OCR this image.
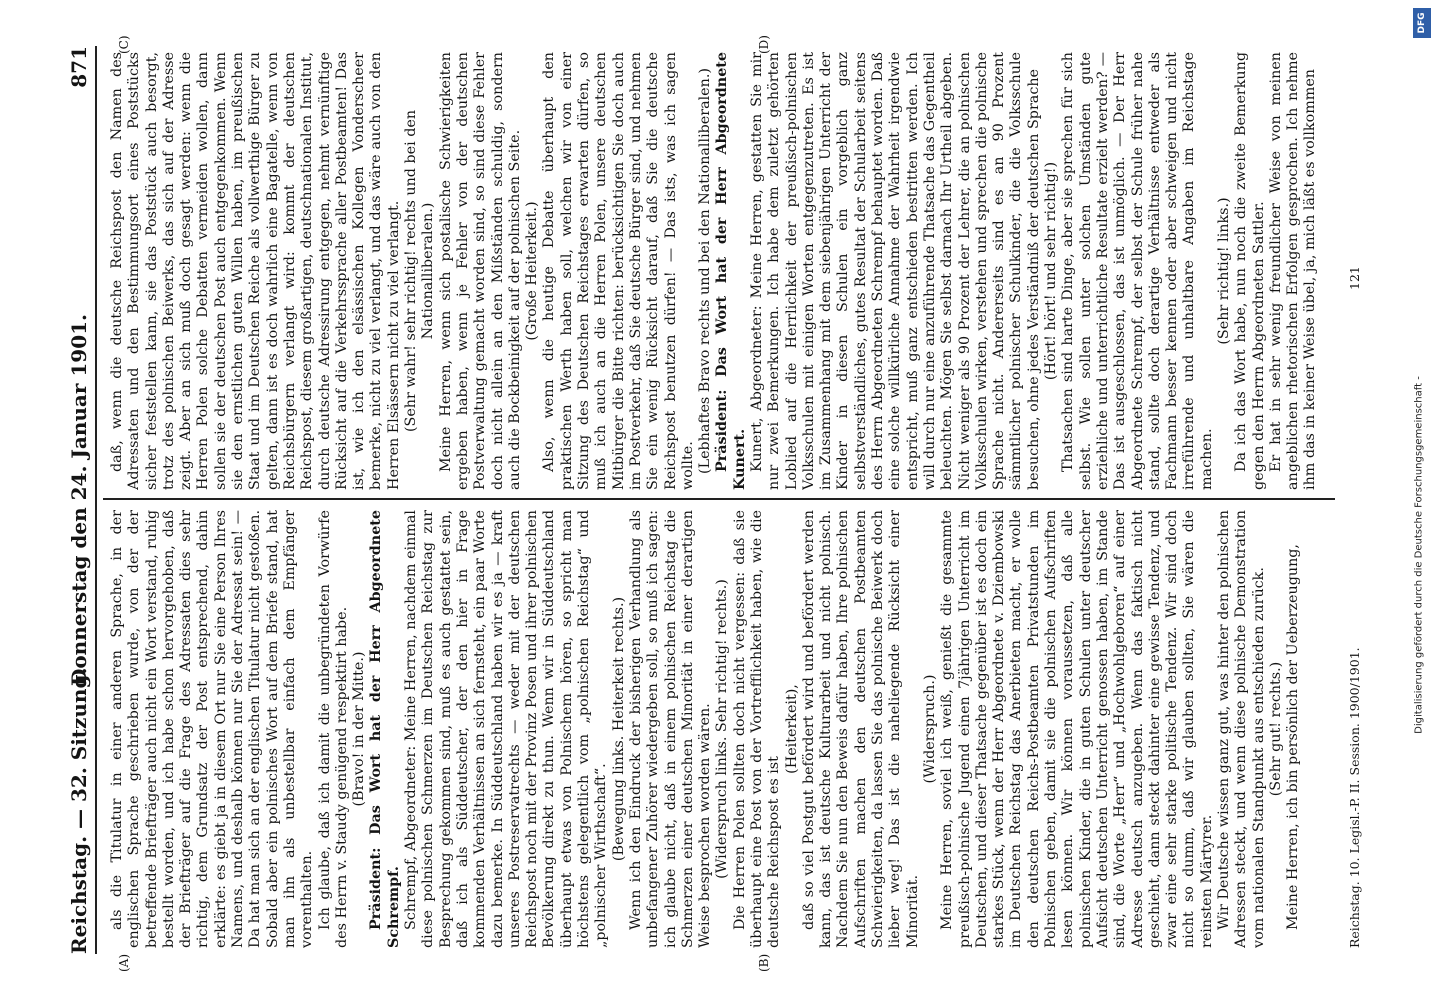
Reichstag. — 32. Sitzung.
Donnerstag den 24. Januar 1901.
871
(A)	(B)
(C)	(D)

als die Titulatur in einer anderen Sprache, in der englischen Sprache geschrieben wurde, von der der betreffende Briefträger auch nicht ein Wort verstand, ruhig bestellt worden, und ich habe schon hervorgehoben, daß der Briefträger auf die Frage des Adressaten dies sehr richtig, dem Grundsatz der Post entsprechend, dahin erklärte: es giebt ja in diesem Ort nur Sie eine Person Ihres Namens, und deshalb können nur Sie der Adressat sein! — Da hat man sich an der englischen Titulatur nicht gestoßen. Sobald aber ein polnisches Wort auf dem Briefe stand, hat man ihn als unbestellbar einfach dem Empfänger vorenthalten. Ich glaube, daß ich damit die unbegründeten Vorwürfe des Herrn v. Staudy genügend respektirt habe. (Bravo! in der Mitte.) Präsident: Das Wort hat der Herr Abgeordnete Schrempf. Schrempf, Abgeordneter: Meine Herren, nachdem einmal diese polnischen Schmerzen im Deutschen Reichstag zur Besprechung gekommen sind, muß es auch gestattet sein, daß ich als Süddeutscher, der den hier in Frage kommenden Verhältnissen an sich fernsteht, ein paar Worte dazu bemerke. In Süddeutschland haben wir es ja — kraft unseres Postreservatrechts — weder mit der deutschen Reichspost noch mit der Provinz Posen und ihrer polnischen Bevölkerung direkt zu thun. Wenn wir in Süddeutschland überhaupt etwas von Polnischem hören, so spricht man höchstens gelegentlich vom „polnischen Reichstag“ und „polnischer Wirthschaft“. (Bewegung links. Heiterkeit rechts.) Wenn ich den Eindruck der bisherigen Verhandlung als unbefangener Zuhörer wiedergeben soll, so muß ich sagen: ich glaube nicht, daß in einem polnischen Reichstag die Schmerzen einer deutschen Minorität in einer derartigen Weise besprochen worden wären. (Widerspruch links. Sehr richtig! rechts.) Die Herren Polen sollten doch nicht vergessen: daß sie überhaupt eine Post von der Vortrefflichkeit haben, wie die deutsche Reichspost es ist

(Heiterkeit), daß so viel Postgut befördert wird und befördert werden kann, das ist deutsche Kulturarbeit und nicht polnisch. Nachdem Sie nun den Beweis dafür haben, Ihre polnischen Aufschriften machen den deutschen Postbeamten Schwierigkeiten, da lassen Sie das polnische Beiwerk doch lieber weg! Das ist die naheliegende Rücksicht einer Minorität.

(Widerspruch.) Meine Herren, soviel ich weiß, genießt die gesammte preußisch-polnische Jugend einen 7jährigen Unterricht im Deutschen, und dieser Thatsache gegenüber ist es doch ein starkes Stück, wenn der Herr Abgeordnete v. Dziembowski im Deutschen Reichstag das Anerbieten macht, er wolle den deutschen Reichs-Postbeamten Privatstunden im Polnischen geben, damit sie die polnischen Aufschriften lesen können. Wir können voraussetzen, daß alle polnischen Kinder, die in guten Schulen unter deutscher Aufsicht deutschen Unterricht genossen haben, im Stande sind, die Worte „Herr“ und „Hochwohlgeboren“ auf einer Adresse deutsch anzugeben. Wenn das faktisch nicht geschieht, dann steckt dahinter eine gewisse Tendenz, und zwar eine sehr starke politische Tendenz. Wir sind doch nicht so dumm, daß wir glauben sollten, Sie wären die reinsten Märtyrer. Wir Deutsche wissen ganz gut, was hinter den polnischen Adressen steckt, und wenn diese polnische Demonstration vom nationalen Standpunkt aus entschieden zurück. (Sehr gut! rechts.) Meine Herren, ich bin persönlich der Ueberzeugung,

daß, wenn die deutsche Reichspost den Namen des Adressaten und den Bestimmungsort eines Poststücks sicher feststellen kann, sie das Poststück auch besorgt, trotz des polnischen Beiwerks, das sich auf der Adresse zeigt. Aber an sich muß doch gesagt werden: wenn die Herren Polen solche Debatten vermeiden wollen, dann sollen sie der deutschen Post auch entgegenkommen. Wenn sie den ernstlichen guten Willen haben, im preußischen Staat und im Deutschen Reiche als vollwerthige Bürger zu gelten, dann ist es doch wahrlich eine Bagatelle, wenn von Reichsbürgern verlangt wird: kommt der deutschen Reichspost, diesem großartigen, deutschnationalen Institut, durch deutsche Adressirung entgegen, nehmt vernünftige Rücksicht auf die Verkehrssprache aller Postbeamten! Das ist, wie ich den elsässischen Kollegen Vonderscheer bemerke, nicht zu viel verlangt, und das wäre auch von den Herren Elsässern nicht zu viel verlangt. (Sehr wahr! sehr richtig! rechts und bei den Nationalliberalen.) Meine Herren, wenn sich postalische Schwierigkeiten ergeben haben, wenn je Fehler von der deutschen Postverwaltung gemacht worden sind, so sind diese Fehler doch nicht allein an den Mißständen schuldig, sondern auch die Bockbeinigkeit auf der polnischen Seite. (Große Heiterkeit.) Also, wenn die heutige Debatte überhaupt den praktischen Werth haben soll, welchen wir von einer Sitzung des Deutschen Reichstages erwarten dürfen, so muß ich auch an die Herren Polen, unsere deutschen Mitbürger die Bitte richten: berücksichtigen Sie doch auch im Postverkehr, daß Sie deutsche Bürger sind, und nehmen Sie ein wenig Rücksicht darauf, daß Sie die deutsche Reichspost benutzen dürfen! — Das ists, was ich sagen wollte. (Lebhaftes Bravo rechts und bei den Nationalliberalen.) Präsident: Das Wort hat der Herr Abgeordnete Kunert. Kunert, Abgeordneter: Meine Herren, gestatten Sie mir nur zwei Bemerkungen. Ich habe dem zuletzt gehörten Loblied auf die Herrlichkeit der preußisch-polnischen Volksschulen mit einigen Worten entgegenzutreten. Es ist im Zusammenhang mit dem siebenjährigen Unterricht der Kinder in diesen Schulen ein vorgeblich ganz selbstverständliches, gutes Resultat der Schularbeit seitens des Herrn Abgeordneten Schrempf behauptet worden. Daß eine solche willkürliche Annahme der Wahrheit irgendwie entspricht, muß ganz entschieden bestritten werden. Ich will durch nur eine anzuführende Thatsache das Gegentheil beleuchten. Mögen Sie selbst darnach Ihr Urtheil abgeben. Nicht weniger als 90 Prozent der Lehrer, die an polnischen Volksschulen wirken, verstehen und sprechen die polnische Sprache nicht. Andererseits sind es an 90 Prozent sämmtlicher polnischer Schulkinder, die die Volksschule besuchen, ohne jedes Verständniß der deutschen Sprache (Hört! hört! und sehr richtig!) Thatsachen sind harte Dinge, aber sie sprechen für sich selbst. Wie sollen unter solchen Umständen gute erziehliche und unterrichtliche Resultate erzielt werden? — Das ist ausgeschlossen, das ist unmöglich. — Der Herr Abgeordnete Schrempf, der selbst der Schule früher nahe stand, sollte doch derartige Verhältnisse entweder als Fachmann besser kennen oder aber schweigen und nicht irreführende und unhaltbare Angaben im Reichstage machen.

(Sehr richtig! links.) Da ich das Wort habe, nun noch die zweite Bemerkung gegen den Herrn Abgeordneten Sattler. Er hat in sehr wenig freundlicher Weise von meinen angeblichen rhetorischen Erfolgen gesprochen. Ich nehme ihm das in keiner Weise übel, ja, mich läßt es vollkommen

Reichstag. 10. Legisl.-P. II. Session. 1900/1901.
121
DFG
Digitalisierung gefördert durch die Deutsche Forschungsgemeinschaft -
